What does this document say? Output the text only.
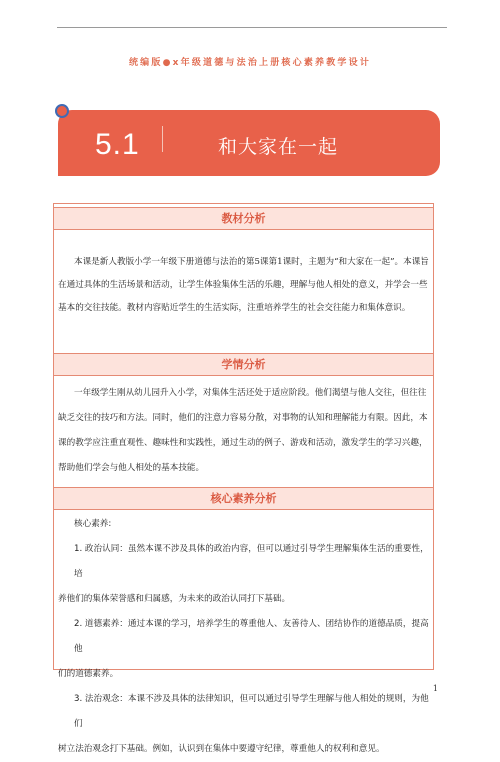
统编版●x年级道德与法治上册核心素养教学设计
5.1	和大家在一起
教材分析

本课是新人教版小学一年级下册道德与法治的第5课第1课时，主题为“和大家在一起”。本课旨在通过具体的生活场景和活动，让学生体验集体生活的乐趣，理解与他人相处的意义，并学会一些基本的交往技能。教材内容贴近学生的生活实际，注重培养学生的社会交往能力和集体意识。

学情分析

一年级学生刚从幼儿园升入小学，对集体生活还处于适应阶段。他们渴望与他人交往，但往往缺乏交往的技巧和方法。同时，他们的注意力容易分散，对事物的认知和理解能力有限。因此，本课的教学应注重直观性、趣味性和实践性，通过生动的例子、游戏和活动，激发学生的学习兴趣，帮助他们学会与他人相处的基本技能。

核心素养分析

核心素养:

1. 政治认同：虽然本课不涉及具体的政治内容，但可以通过引导学生理解集体生活的重要性，培

养他们的集体荣誉感和归属感，为未来的政治认同打下基础。

2. 道德素养：通过本课的学习，培养学生的尊重他人、友善待人、团结协作的道德品质，提高他

们的道德素养。

3. 法治观念：本课不涉及具体的法律知识，但可以通过引导学生理解与他人相处的规则，为他们

树立法治观念打下基础。例如，认识到在集体中要遵守纪律，尊重他人的权利和意见。

1
